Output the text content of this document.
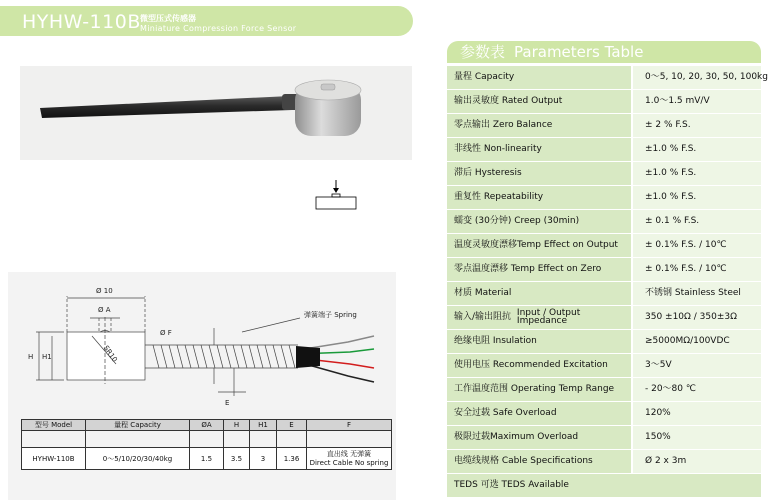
HYHW-110B 微型压式传感器
Miniature Compression Force Sensor
Ø 10
Ø A
Ø F
SR10
H H1
E
弹簧端子 Spring
型号 Model	量程 Capacity	ØA	H	H1	E	F

HYHW-110B	0～5/10/20/30/40kg	1.5	3.5	3	1.36	直出线 无弹簧
Direct Cable No spring
参数表 Parameters Table
量程 Capacity	0～5, 10, 20, 30, 50, 100kg
输出灵敏度 Rated Output	1.0～1.5 mV/V
零点输出 Zero Balance	± 2 % F.S.
非线性 Non-linearity	±1.0 % F.S.
滞后 Hysteresis	±1.0 % F.S.
重复性 Repeatability	±1.0 % F.S.
蠕变 (30分钟) Creep (30min)	± 0.1 % F.S.
温度灵敏度漂移Temp Effect on Output	± 0.1% F.S. / 10℃
零点温度漂移 Temp Effect on Zero	± 0.1% F.S. / 10℃
材质 Material	不锈钢 Stainless Steel
输入/输出阻抗 Input / Output
Impedance	350 ±10Ω / 350±3Ω
绝缘电阻 Insulation	≥5000MΩ/100VDC
使用电压 Recommended Excitation	3～5V
工作温度范围 Operating Temp Range	- 20～80 ℃
安全过载 Safe Overload	120%
极限过载Maximum Overload	150%
电缆线规格 Cable Specifications	Ø 2 x 3m
TEDS 可选 TEDS Available
